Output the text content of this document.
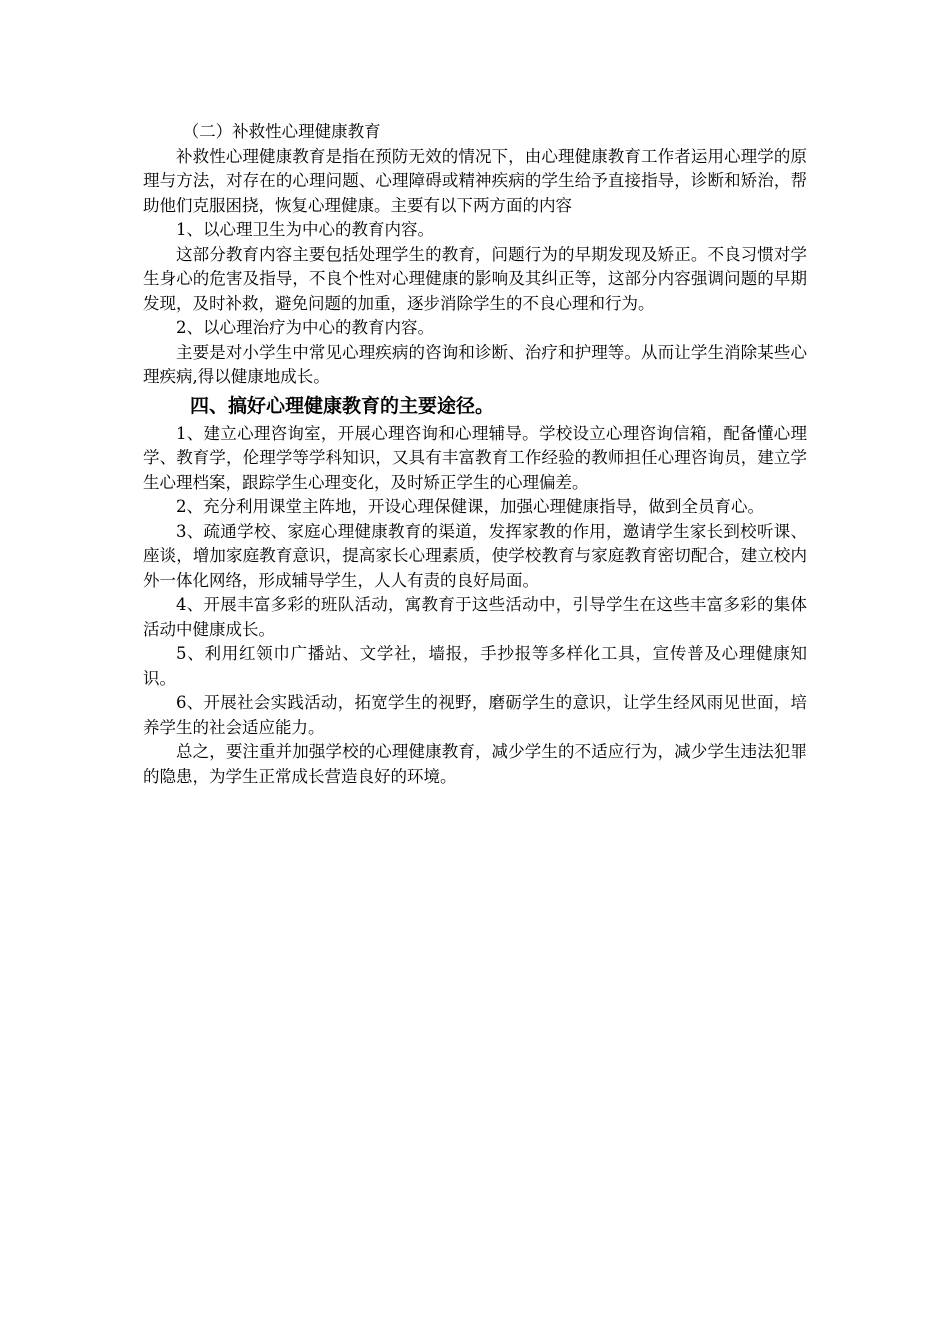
（二）补救性心理健康教育

补救性心理健康教育是指在预防无效的情况下，由心理健康教育工作者运用心理学的原理与方法，对存在的心理问题、心理障碍或精神疾病的学生给予直接指导，诊断和矫治，帮助他们克服困挠，恢复心理健康。主要有以下两方面的内容

1、以心理卫生为中心的教育内容。

这部分教育内容主要包括处理学生的教育，问题行为的早期发现及矫正。不良习惯对学生身心的危害及指导，不良个性对心理健康的影响及其纠正等，这部分内容强调问题的早期发现，及时补救，避免问题的加重，逐步消除学生的不良心理和行为。

2、以心理治疗为中心的教育内容。

主要是对小学生中常见心理疾病的咨询和诊断、治疗和护理等。从而让学生消除某些心理疾病,得以健康地成长。

四、搞好心理健康教育的主要途径。

1、建立心理咨询室，开展心理咨询和心理辅导。学校设立心理咨询信箱，配备懂心理学、教育学，伦理学等学科知识，又具有丰富教育工作经验的教师担任心理咨询员，建立学生心理档案，跟踪学生心理变化，及时矫正学生的心理偏差。

2、充分利用课堂主阵地，开设心理保健课，加强心理健康指导，做到全员育心。

3、疏通学校、家庭心理健康教育的渠道，发挥家教的作用，邀请学生家长到校听课、座谈，增加家庭教育意识，提高家长心理素质，使学校教育与家庭教育密切配合，建立校内外一体化网络，形成辅导学生，人人有责的良好局面。

4、开展丰富多彩的班队活动，寓教育于这些活动中，引导学生在这些丰富多彩的集体活动中健康成长。

5、利用红领巾广播站、文学社，墙报，手抄报等多样化工具，宣传普及心理健康知识。

6、开展社会实践活动，拓宽学生的视野，磨砺学生的意识，让学生经风雨见世面，培养学生的社会适应能力。

总之，要注重并加强学校的心理健康教育，减少学生的不适应行为，减少学生违法犯罪的隐患，为学生正常成长营造良好的环境。
